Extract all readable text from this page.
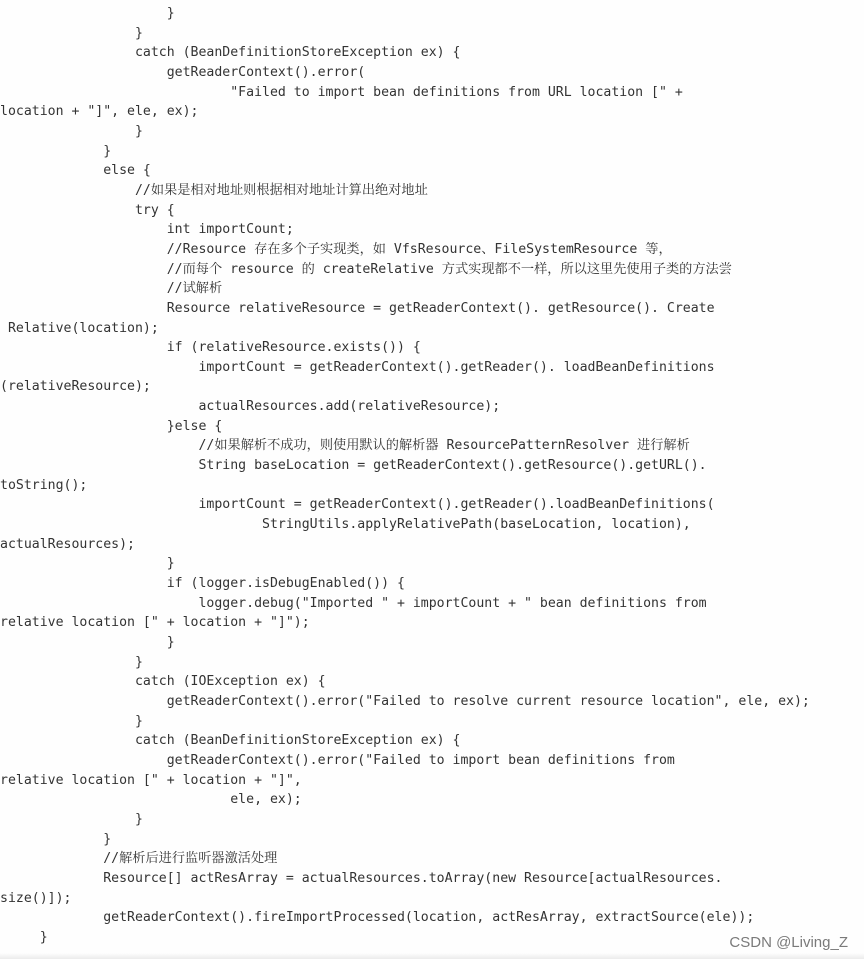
}
}
catch (BeanDefinitionStoreException ex) {
getReaderContext().error(
"Failed to import bean definitions from URL location [" +
location + "]", ele, ex);
}
}
else {
//如果是相对地址则根据相对地址计算出绝对地址
try {
int importCount;
//Resource 存在多个子实现类，如 VfsResource、FileSystemResource 等，
//而每个 resource 的 createRelative 方式实现都不一样，所以这里先使用子类的方法尝
//试解析
Resource relativeResource = getReaderContext(). getResource(). Create
Relative(location);
if (relativeResource.exists()) {
importCount = getReaderContext().getReader(). loadBeanDefinitions
(relativeResource);
actualResources.add(relativeResource);
}else {
//如果解析不成功，则使用默认的解析器 ResourcePatternResolver 进行解析
String baseLocation = getReaderContext().getResource().getURL().
toString();
importCount = getReaderContext().getReader().loadBeanDefinitions(
StringUtils.applyRelativePath(baseLocation, location),
actualResources);
}
if (logger.isDebugEnabled()) {
logger.debug("Imported " + importCount + " bean definitions from
relative location [" + location + "]");
}
}
catch (IOException ex) {
getReaderContext().error("Failed to resolve current resource location", ele, ex);
}
catch (BeanDefinitionStoreException ex) {
getReaderContext().error("Failed to import bean definitions from
relative location [" + location + "]",
ele, ex);
}
}
//解析后进行监听器激活处理
Resource[] actResArray = actualResources.toArray(new Resource[actualResources.
size()]);
getReaderContext().fireImportProcessed(location, actResArray, extractSource(ele));
}	CSDN @Living_Z
